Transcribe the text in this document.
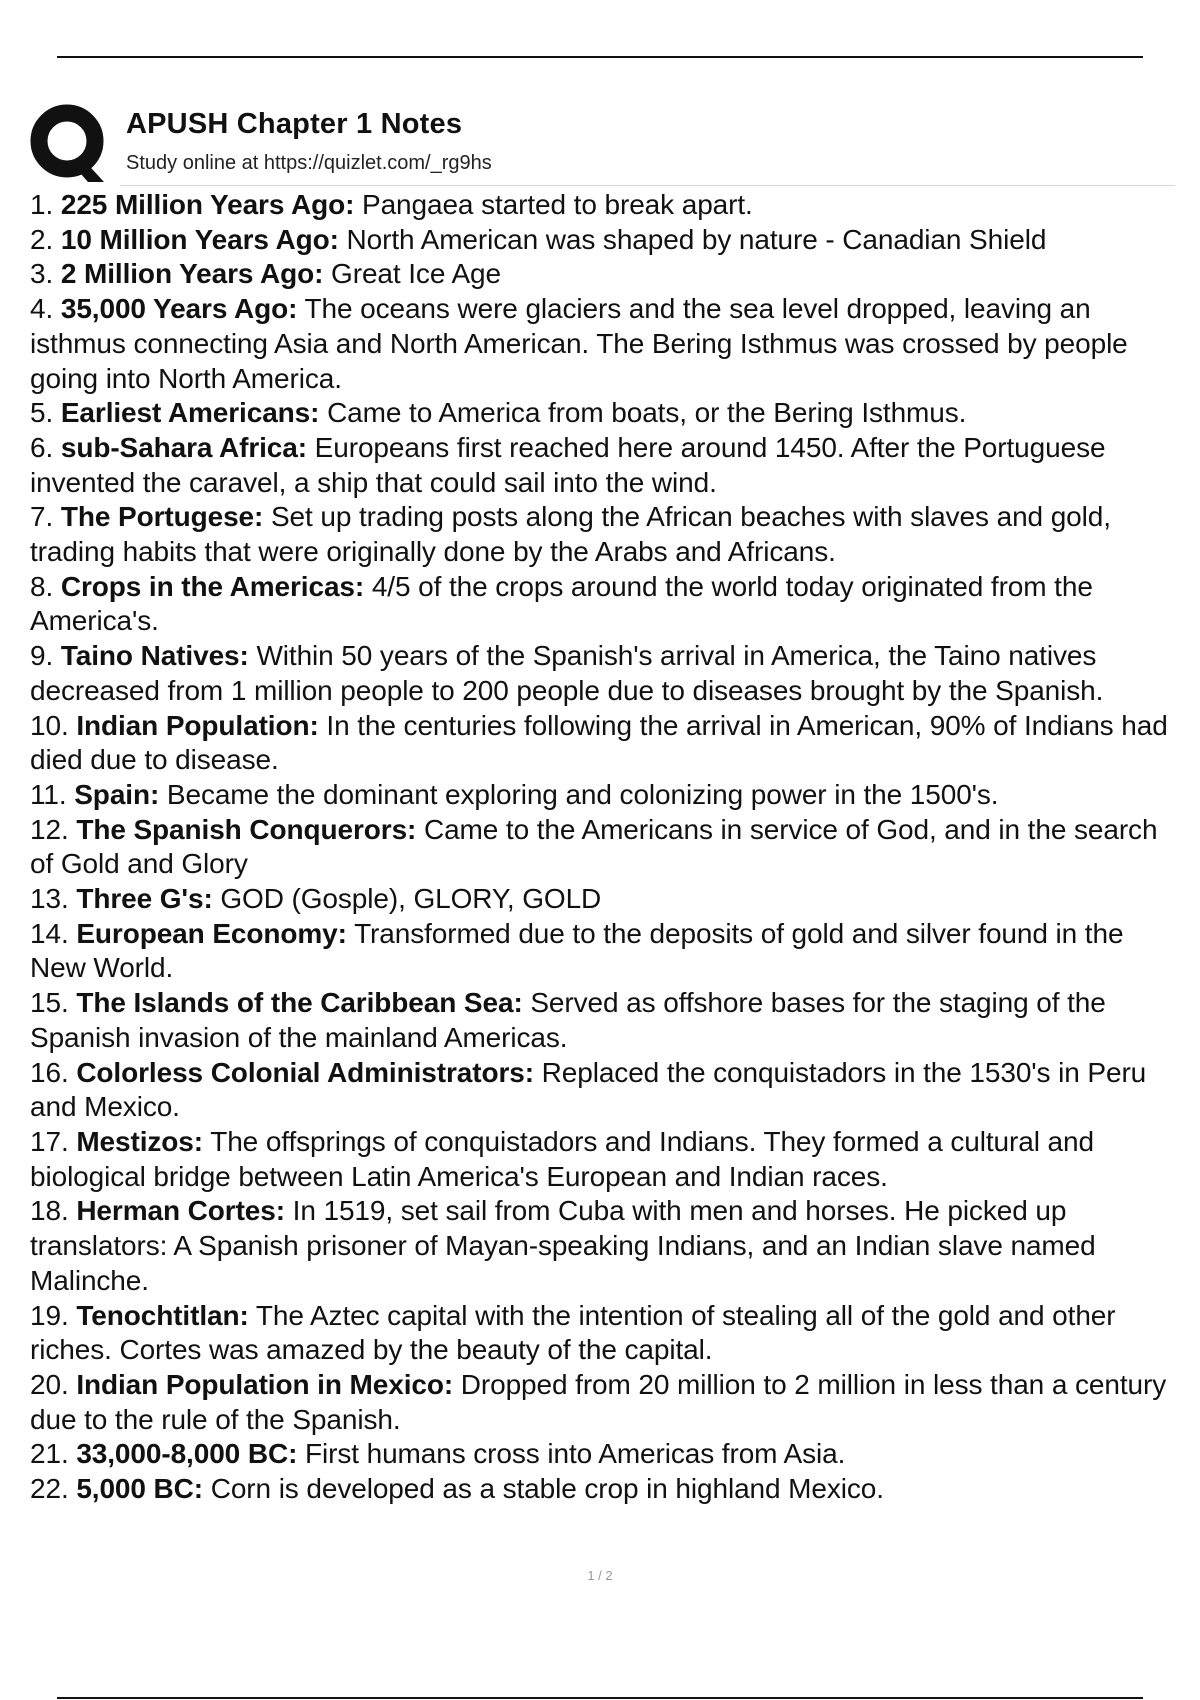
APUSH Chapter 1 Notes
Study online at https://quizlet.com/_rg9hs

1. 225 Million Years Ago: Pangaea started to break apart.

2. 10 Million Years Ago: North American was shaped by nature - Canadian Shield

3. 2 Million Years Ago: Great Ice Age

4. 35,000 Years Ago: The oceans were glaciers and the sea level dropped, leaving an isthmus connecting Asia and North American. The Bering Isthmus was crossed by people going into North America.

5. Earliest Americans: Came to America from boats, or the Bering Isthmus.

6. sub-Sahara Africa: Europeans first reached here around 1450. After the Portuguese invented the caravel, a ship that could sail into the wind.

7. The Portugese: Set up trading posts along the African beaches with slaves and gold, trading habits that were originally done by the Arabs and Africans.

8. Crops in the Americas: 4/5 of the crops around the world today originated from the America's.

9. Taino Natives: Within 50 years of the Spanish's arrival in America, the Taino natives decreased from 1 million people to 200 people due to diseases brought by the Spanish.

10. Indian Population: In the centuries following the arrival in American, 90% of Indians had died due to disease.

11. Spain: Became the dominant exploring and colonizing power in the 1500's.

12. The Spanish Conquerors: Came to the Americans in service of God, and in the search of Gold and Glory

13. Three G's: GOD (Gosple), GLORY, GOLD

14. European Economy: Transformed due to the deposits of gold and silver found in the New World.

15. The Islands of the Caribbean Sea: Served as offshore bases for the staging of the Spanish invasion of the mainland Americas.

16. Colorless Colonial Administrators: Replaced the conquistadors in the 1530's in Peru and Mexico.

17. Mestizos: The offsprings of conquistadors and Indians. They formed a cultural and biological bridge between Latin America's European and Indian races.

18. Herman Cortes: In 1519, set sail from Cuba with men and horses. He picked up translators: A Spanish prisoner of Mayan-speaking Indians, and an Indian slave named Malinche.

19. Tenochtitlan: The Aztec capital with the intention of stealing all of the gold and other riches. Cortes was amazed by the beauty of the capital.

20. Indian Population in Mexico: Dropped from 20 million to 2 million in less than a century due to the rule of the Spanish.

21. 33,000-8,000 BC: First humans cross into Americas from Asia.

22. 5,000 BC: Corn is developed as a stable crop in highland Mexico.

1 / 2
